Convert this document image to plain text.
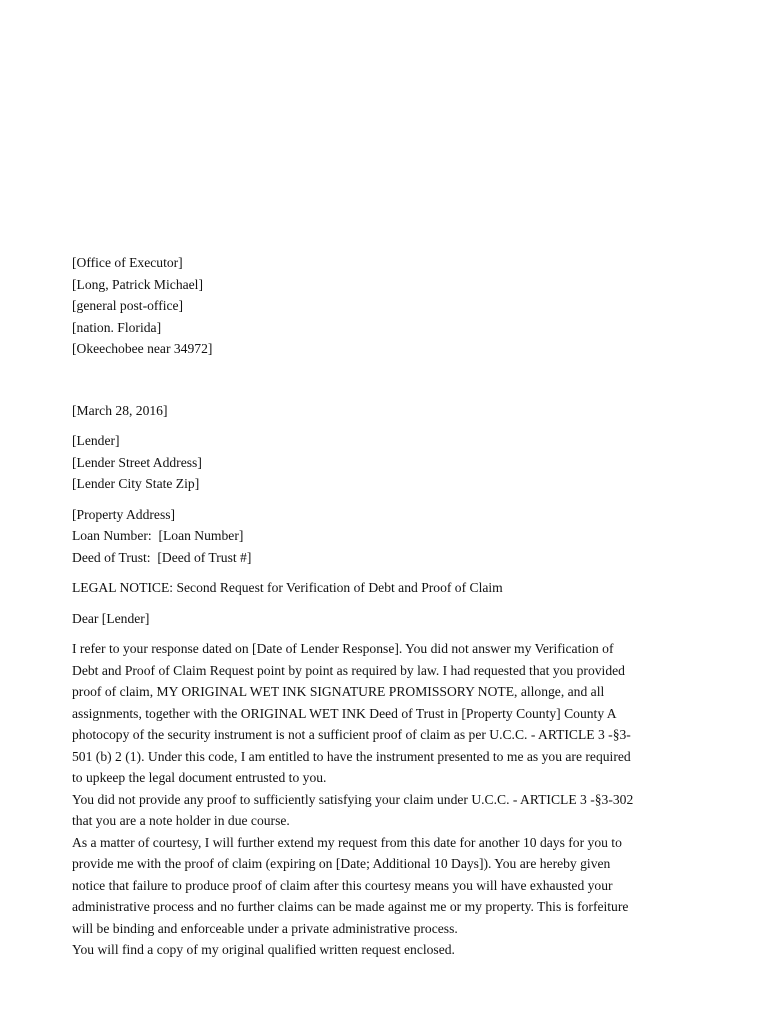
[Office of Executor]
[Long, Patrick Michael]
[general post-office]
[nation. Florida]
[Okeechobee near 34972]
[March 28, 2016]
[Lender]
[Lender Street Address]
[Lender City State Zip]
[Property Address]
Loan Number:  [Loan Number]
Deed of Trust:  [Deed of Trust #]
LEGAL NOTICE: Second Request for Verification of Debt and Proof of Claim
Dear [Lender]
I refer to your response dated on [Date of Lender Response]. You did not answer my Verification of
Debt and Proof of Claim Request point by point as required by law. I had requested that you provided
proof of claim, MY ORIGINAL WET INK SIGNATURE PROMISSORY NOTE, allonge, and all
assignments, together with the ORIGINAL WET INK Deed of Trust in [Property County] County A
photocopy of the security instrument is not a sufficient proof of claim as per U.C.C. - ARTICLE 3 -§3-
501 (b) 2 (1). Under this code, I am entitled to have the instrument presented to me as you are required
to upkeep the legal document entrusted to you.
You did not provide any proof to sufficiently satisfying your claim under U.C.C. - ARTICLE 3 -§3-302
that you are a note holder in due course.
As a matter of courtesy, I will further extend my request from this date for another 10 days for you to
provide me with the proof of claim (expiring on [Date; Additional 10 Days]). You are hereby given
notice that failure to produce proof of claim after this courtesy means you will have exhausted your
administrative process and no further claims can be made against me or my property. This is forfeiture
will be binding and enforceable under a private administrative process.
You will find a copy of my original qualified written request enclosed.
